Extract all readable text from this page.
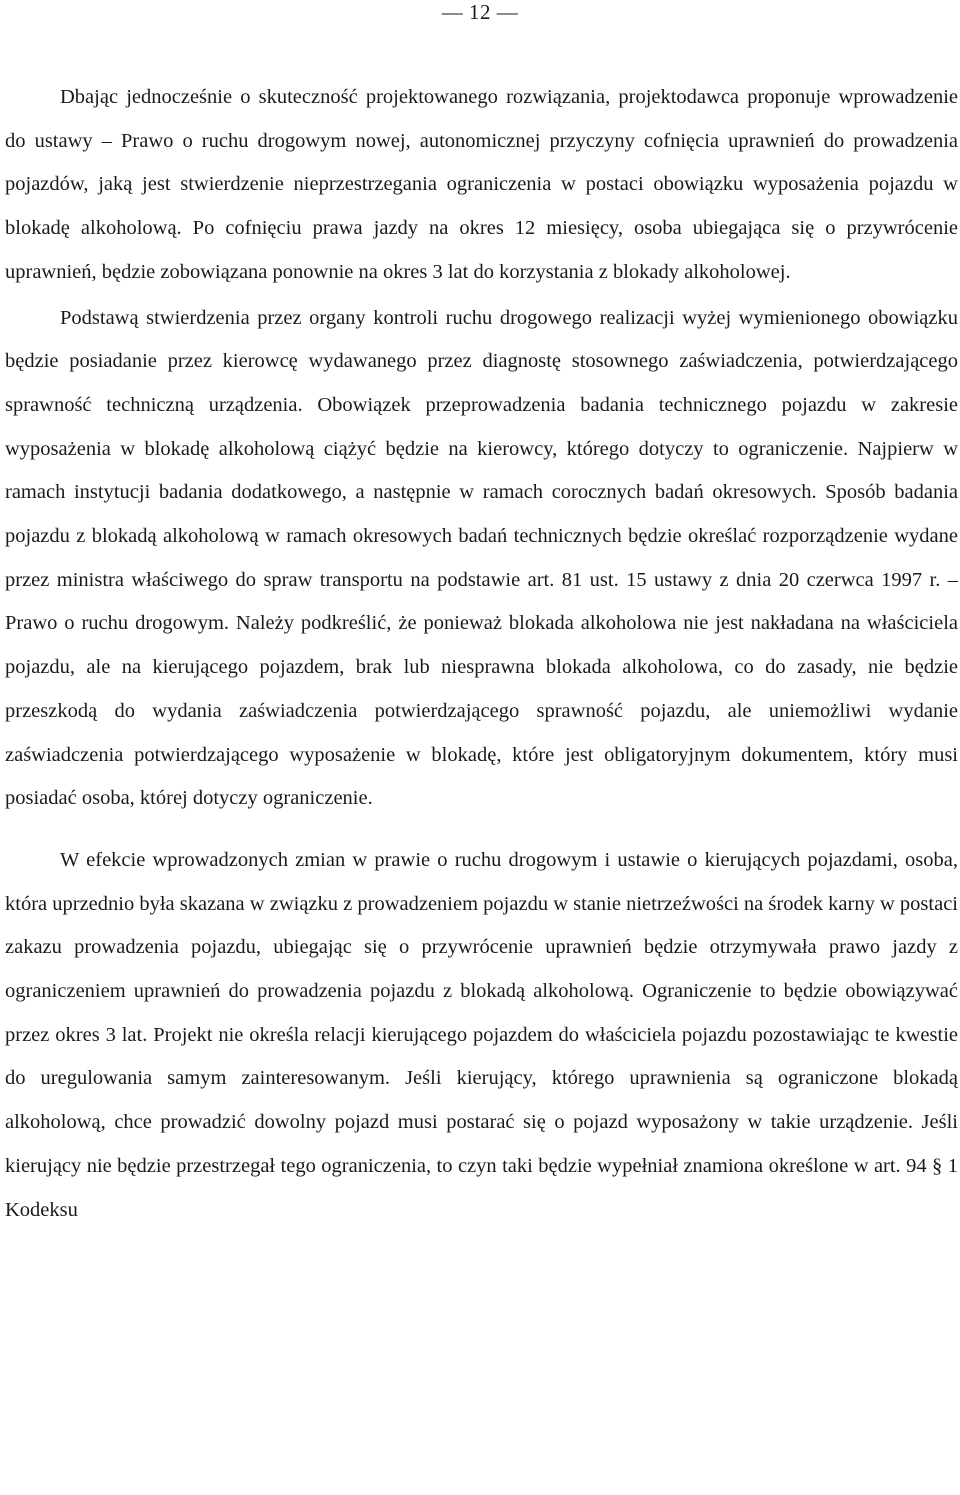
— 12 —

Dbając jednocześnie o skuteczność projektowanego rozwiązania, projektodawca proponuje wprowadzenie do ustawy – Prawo o ruchu drogowym nowej, autonomicznej przyczyny cofnięcia uprawnień do prowadzenia pojazdów, jaką jest stwierdzenie nieprzestrzegania ograniczenia w postaci obowiązku wyposażenia pojazdu w blokadę alkoholową. Po cofnięciu prawa jazdy na okres 12 miesięcy, osoba ubiegająca się o przywrócenie uprawnień, będzie zobowiązana ponownie na okres 3 lat do korzystania z blokady alkoholowej.

Podstawą stwierdzenia przez organy kontroli ruchu drogowego realizacji wyżej wymienionego obowiązku będzie posiadanie przez kierowcę wydawanego przez diagnostę stosownego zaświadczenia, potwierdzającego sprawność techniczną urządzenia. Obowiązek przeprowadzenia badania technicznego pojazdu w zakresie wyposażenia w blokadę alkoholową ciążyć będzie na kierowcy, którego dotyczy to ograniczenie. Najpierw w ramach instytucji badania dodatkowego, a następnie w ramach corocznych badań okresowych. Sposób badania pojazdu z blokadą alkoholową w ramach okresowych badań technicznych będzie określać rozporządzenie wydane przez ministra właściwego do spraw transportu na podstawie art. 81 ust. 15 ustawy z dnia 20 czerwca 1997 r. – Prawo o ruchu drogowym. Należy podkreślić, że ponieważ blokada alkoholowa nie jest nakładana na właściciela pojazdu, ale na kierującego pojazdem, brak lub niesprawna blokada alkoholowa, co do zasady, nie będzie przeszkodą do wydania zaświadczenia potwierdzającego sprawność pojazdu, ale uniemożliwi wydanie zaświadczenia potwierdzającego wyposażenie w blokadę, które jest obligatoryjnym dokumentem, który musi posiadać osoba, której dotyczy ograniczenie.

W efekcie wprowadzonych zmian w prawie o ruchu drogowym i ustawie o kierujących pojazdami, osoba, która uprzednio była skazana w związku z prowadzeniem pojazdu w stanie nietrzeźwości na środek karny w postaci zakazu prowadzenia pojazdu, ubiegając się o przywrócenie uprawnień będzie otrzymywała prawo jazdy z ograniczeniem uprawnień do prowadzenia pojazdu z blokadą alkoholową. Ograniczenie to będzie obowiązywać przez okres 3 lat. Projekt nie określa relacji kierującego pojazdem do właściciela pojazdu pozostawiając te kwestie do uregulowania samym zainteresowanym. Jeśli kierujący, którego uprawnienia są ograniczone blokadą alkoholową, chce prowadzić dowolny pojazd musi postarać się o pojazd wyposażony w takie urządzenie. Jeśli kierujący nie będzie przestrzegał tego ograniczenia, to czyn taki będzie wypełniał znamiona określone w art. 94 § 1 Kodeksu
